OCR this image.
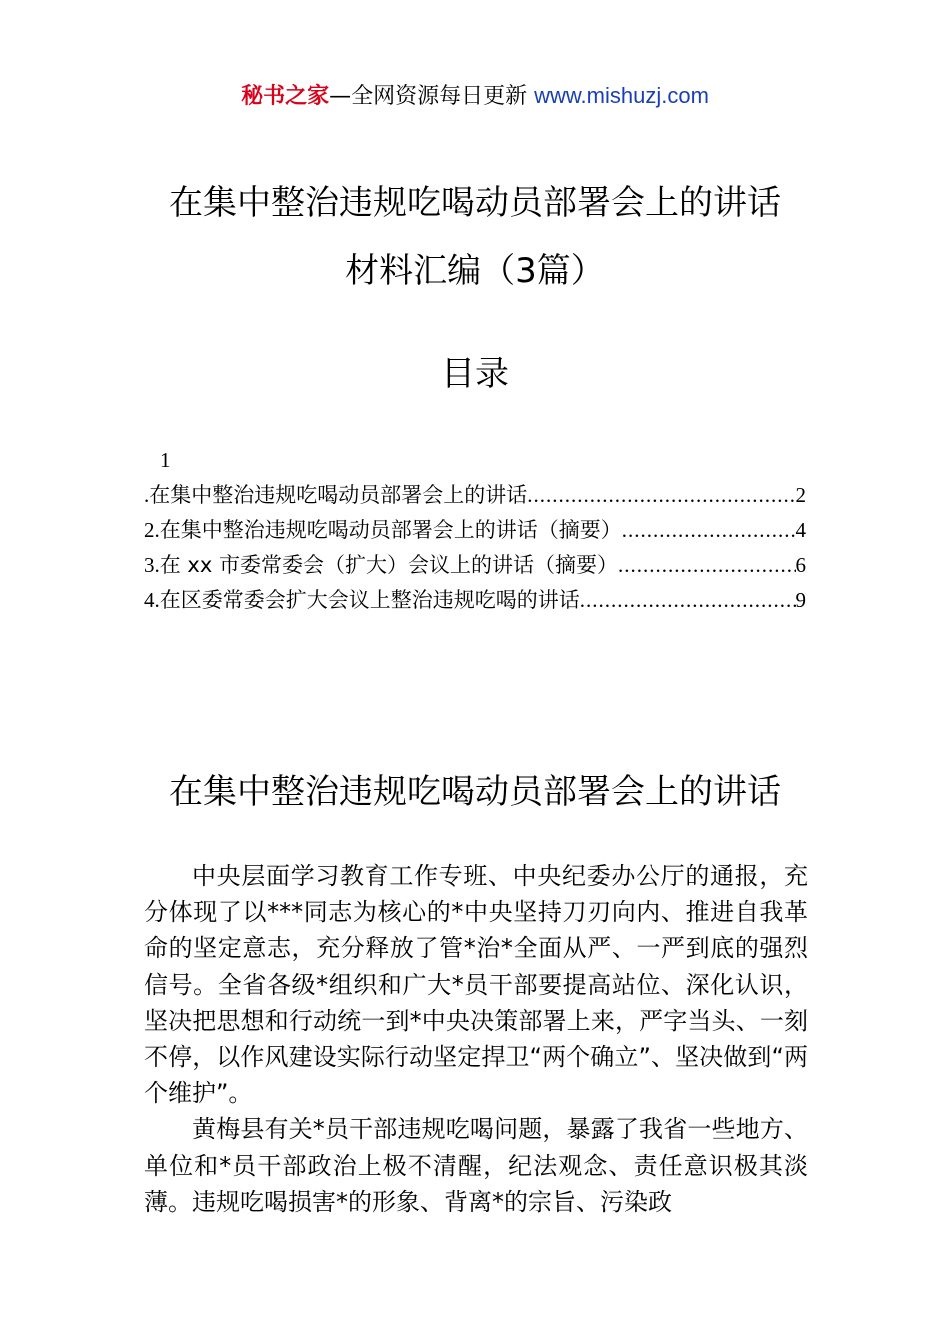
秘书之家—全网资源每日更新 www.mishuzj.com
在集中整治违规吃喝动员部署会上的讲话
材料汇编（3篇）
目录
1
. 在集中整治违规吃喝动员部署会上的讲话 .....	2
2. 在集中整治违规吃喝动员部署会上的讲话（摘要） .....	4
3. 在 xx 市委常委会（扩大）会议上的讲话（摘要） .....	6
4. 在区委常委会扩大会议上整治违规吃喝的讲话 .....	9
在集中整治违规吃喝动员部署会上的讲话

中央层面学习教育工作专班、中央纪委办公厅的通报，充分体现了以***同志为核心的*中央坚持刀刃向内、推进自我革命的坚定意志，充分释放了管*治*全面从严、一严到底的强烈信号。全省各级*组织和广大*员干部要提高站位、深化认识，坚决把思想和行动统一到*中央决策部署上来，严字当头、一刻不停，以作风建设实际行动坚定捍卫“两个确立”、坚决做到“两个维护”。

黄梅县有关*员干部违规吃喝问题，暴露了我省一些地方、单位和*员干部政治上极不清醒，纪法观念、责任意识极其淡薄。违规吃喝损害*的形象、背离*的宗旨、污染政
